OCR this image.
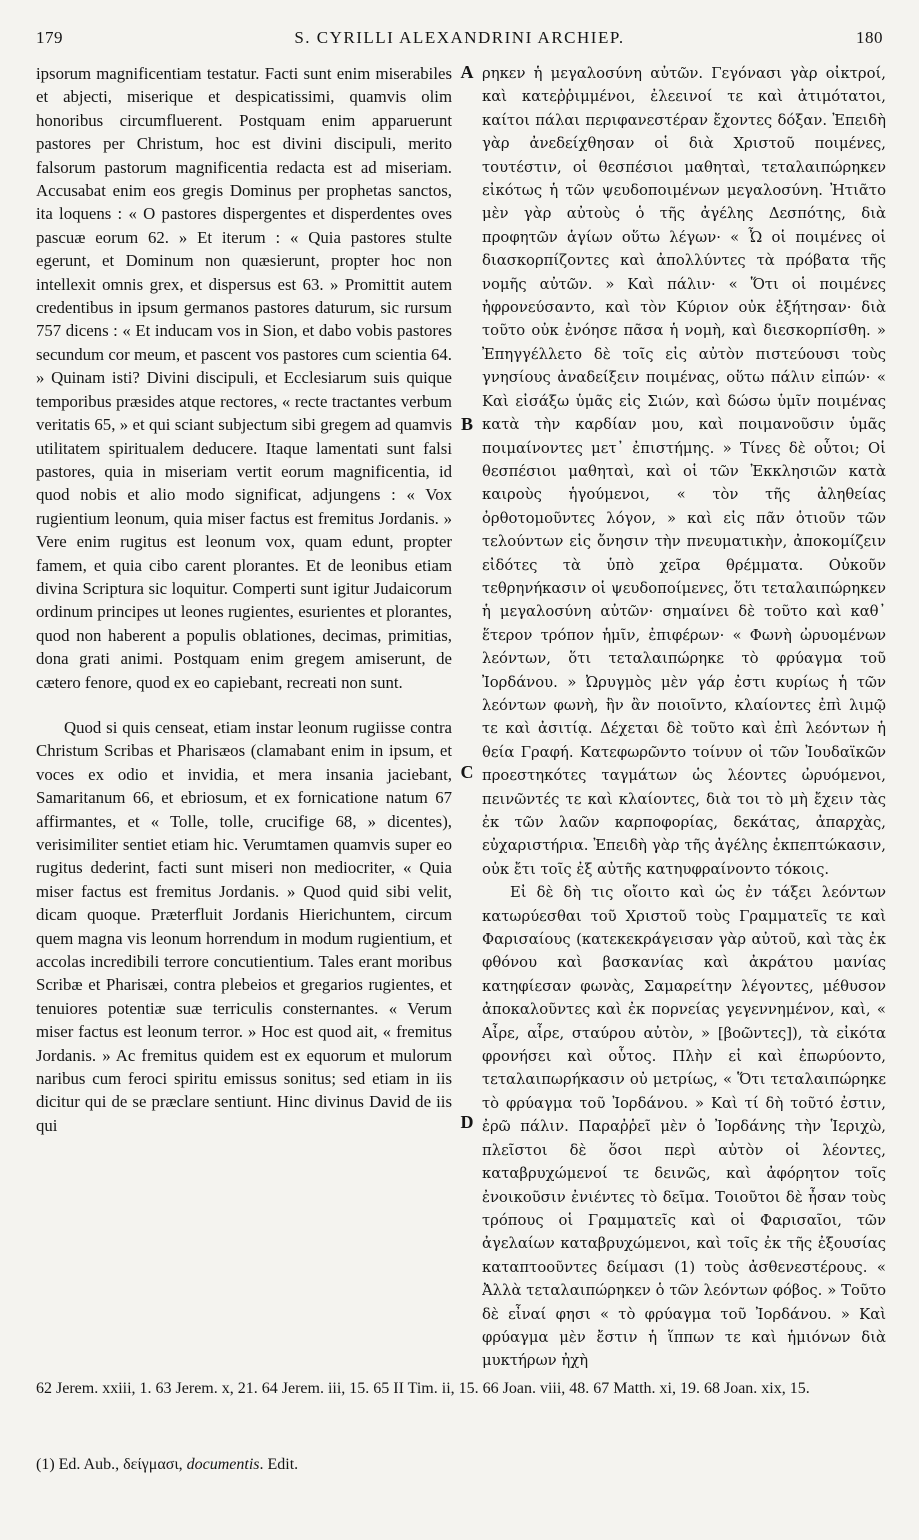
179	S. CYRILLI ALEXANDRINI ARCHIEP.	180

ipsorum magnificentiam testatur. Facti sunt enim miserabiles et abjecti, miserique et despicatissimi, quamvis olim honoribus circumfluerent. Postquam enim apparuerunt pastores per Christum, hoc est divini discipuli, merito falsorum pastorum magnificentia redacta est ad miseriam. Accusabat enim eos gregis Dominus per prophetas sanctos, ita loquens : « O pastores dispergentes et disperdentes oves pascuæ eorum 62. » Et iterum : « Quia pastores stulte egerunt, et Dominum non quæsierunt, propter hoc non intellexit omnis grex, et dispersus est 63. » Promittit autem credentibus in ipsum germanos pastores daturum, sic rursum 757 dicens : « Et inducam vos in Sion, et dabo vobis pastores secundum cor meum, et pascent vos pastores cum scientia 64. » Quinam isti? Divini discipuli, et Ecclesiarum suis quique temporibus præsides atque rectores, « recte tractantes verbum veritatis 65, » et qui sciant subjectum sibi gregem ad quamvis utilitatem spiritualem deducere. Itaque lamentati sunt falsi pastores, quia in miseriam vertit eorum magnificentia, id quod nobis et alio modo significat, adjungens : « Vox rugientium leonum, quia miser factus est fremitus Jordanis. » Vere enim rugitus est leonum vox, quam edunt, propter famem, et quia cibo carent plorantes. Et de leonibus etiam divina Scriptura sic loquitur. Comperti sunt igitur Judaicorum ordinum principes ut leones rugientes, esurientes et plorantes, quod non haberent a populis oblationes, decimas, primitias, dona grati animi. Postquam enim gregem amiserunt, de cætero fenore, quod ex eo capiebant, recreati non sunt.

Quod si quis censeat, etiam instar leonum rugiisse contra Christum Scribas et Pharisæos (clamabant enim in ipsum, et voces ex odio et invidia, et mera insania jaciebant, Samaritanum 66, et ebriosum, et ex fornicatione natum 67 affirmantes, et « Tolle, tolle, crucifige 68, » dicentes), verisimiliter sentiet etiam hic. Verumtamen quamvis super eo rugitus dederint, facti sunt miseri non mediocriter, « Quia miser factus est fremitus Jordanis. » Quod quid sibi velit, dicam quoque. Præterfluit Jordanis Hierichuntem, circum quem magna vis leonum horrendum in modum rugientium, et accolas incredibili terrore concutientium. Tales erant moribus Scribæ et Pharisæi, contra plebeios et gregarios rugientes, et tenuiores potentiæ suæ terriculis consternantes. « Verum miser factus est leonum terror. » Hoc est quod ait, « fremitus Jordanis. » Ac fremitus quidem est ex equorum et mulorum naribus cum feroci spiritu emissus sonitus; sed etiam in iis dicitur qui de se præclare sentiunt. Hinc divinus David de iis qui

A
B
C
D

ρηκεν ἡ μεγαλοσύνη αὐτῶν. Γεγόνασι γὰρ οἰκτροί, καὶ κατεῤῥιμμένοι, ἐλεεινοί τε καὶ ἀτιμότατοι, καίτοι πάλαι περιφανεστέραν ἔχοντες δόξαν. Ἐπειδὴ γὰρ ἀνεδείχθησαν οἱ διὰ Χριστοῦ ποιμένες, τουτέστιν, οἱ θεσπέσιοι μαθηταὶ, τεταλαιπώρηκεν εἰκότως ἡ τῶν ψευδοποιμένων μεγαλοσύνη. Ἠτιᾶτο μὲν γὰρ αὐτοὺς ὁ τῆς ἀγέλης Δεσπότης, διὰ προφητῶν ἁγίων οὕτω λέγων· « Ὦ οἱ ποιμένες οἱ διασκορπίζοντες καὶ ἀπολλύντες τὰ πρόβατα τῆς νομῆς αὐτῶν. » Καὶ πάλιν· « Ὅτι οἱ ποιμένες ἠφρονεύσαντο, καὶ τὸν Κύριον οὐκ ἐξήτησαν· διὰ τοῦτο οὐκ ἐνόησε πᾶσα ἡ νομὴ, καὶ διεσκορπίσθη. » Ἐπηγγέλλετο δὲ τοῖς εἰς αὐτὸν πιστεύουσι τοὺς γνησίους ἀναδείξειν ποιμένας, οὕτω πάλιν εἰπών· « Καὶ εἰσάξω ὑμᾶς εἰς Σιών, καὶ δώσω ὑμῖν ποιμένας κατὰ τὴν καρδίαν μου, καὶ ποιμανοῦσιν ὑμᾶς ποιμαίνοντες μετ᾿ ἐπιστήμης. » Τίνες δὲ οὗτοι; Οἱ θεσπέσιοι μαθηταὶ, καὶ οἱ τῶν Ἐκκλησιῶν κατὰ καιροὺς ἡγούμενοι, « τὸν τῆς ἀληθείας ὀρθοτομοῦντες λόγον, » καὶ εἰς πᾶν ὁτιοῦν τῶν τελούντων εἰς ὄνησιν τὴν πνευματικὴν, ἀποκομίζειν εἰδότες τὰ ὑπὸ χεῖρα θρέμματα. Οὐκοῦν τεθρηνήκασιν οἱ ψευδοποίμενες, ὅτι τεταλαιπώρηκεν ἡ μεγαλοσύνη αὐτῶν· σημαίνει δὲ τοῦτο καὶ καθ᾿ ἕτερον τρόπον ἡμῖν, ἐπιφέρων· « Φωνὴ ὠρυομένων λεόντων, ὅτι τεταλαιπώρηκε τὸ φρύαγμα τοῦ Ἰορδάνου. » Ὠρυγμὸς μὲν γάρ ἐστι κυρίως ἡ τῶν λεόντων φωνὴ, ἣν ἂν ποιοῖντο, κλαίοντες ἐπὶ λιμῷ τε καὶ ἀσιτίᾳ. Δέχεται δὲ τοῦτο καὶ ἐπὶ λεόντων ἡ θεία Γραφή. Κατεφωρῶντο τοίνυν οἱ τῶν Ἰουδαϊκῶν προεστηκότες ταγμάτων ὡς λέοντες ὠρυόμενοι, πεινῶντές τε καὶ κλαίοντες, διὰ τοι τὸ μὴ ἔχειν τὰς ἐκ τῶν λαῶν καρποφορίας, δεκάτας, ἀπαρχὰς, εὐχαριστήρια. Ἐπειδὴ γὰρ τῆς ἀγέλης ἐκπεπτώκασιν, οὐκ ἔτι τοῖς ἐξ αὐτῆς κατηυφραίνοντο τόκοις.

Εἰ δὲ δὴ τις οἴοιτο καὶ ὡς ἐν τάξει λεόντων κατωρύεσθαι τοῦ Χριστοῦ τοὺς Γραμματεῖς τε καὶ Φαρισαίους (κατεκεκράγεισαν γὰρ αὐτοῦ, καὶ τὰς ἐκ φθόνου καὶ βασκανίας καὶ ἀκράτου μανίας κατηφίεσαν φωνὰς, Σαμαρείτην λέγοντες, μέθυσον ἀποκαλοῦντες καὶ ἐκ πορνείας γεγεννημένον, καὶ, « Αἶρε, αἶρε, σταύρου αὐτὸν, » [βοῶντες]), τὰ εἰκότα φρονήσει καὶ οὗτος. Πλὴν εἰ καὶ ἐπωρύοντο, τεταλαιπωρήκασιν οὐ μετρίως, « Ὅτι τεταλαιπώρηκε τὸ φρύαγμα τοῦ Ἰορδάνου. » Καὶ τί δὴ τοῦτό ἐστιν, ἐρῶ πάλιν. Παραῤῥεῖ μὲν ὁ Ἰορδάνης τὴν Ἱεριχὼ, πλεῖστοι δὲ ὅσοι περὶ αὐτὸν οἱ λέοντες, καταβρυχώμενοί τε δεινῶς, καὶ ἀφόρητον τοῖς ἐνοικοῦσιν ἐνιέντες τὸ δεῖμα. Τοιοῦτοι δὲ ἦσαν τοὺς τρόπους οἱ Γραμματεῖς καὶ οἱ Φαρισαῖοι, τῶν ἀγελαίων καταβρυχώμενοι, καὶ τοῖς ἐκ τῆς ἐξουσίας καταπτοοῦντες δείμασι (1) τοὺς ἀσθενεστέρους. « Ἀλλὰ τεταλαιπώρηκεν ὁ τῶν λεόντων φόβος. » Τοῦτο δὲ εἶναί φησι « τὸ φρύαγμα τοῦ Ἰορδάνου. » Καὶ φρύαγμα μὲν ἔστιν ἡ ἵππων τε καὶ ἡμιόνων διὰ μυκτήρων ἠχὴ

62 Jerem. xxiii, 1. 63 Jerem. x, 21. 64 Jerem. iii, 15. 65 II Tim. ii, 15. 66 Joan. viii, 48. 67 Matth. xi, 19. 68 Joan. xix, 15.

(1) Ed. Aub., δείγμασι, documentis. Edit.
